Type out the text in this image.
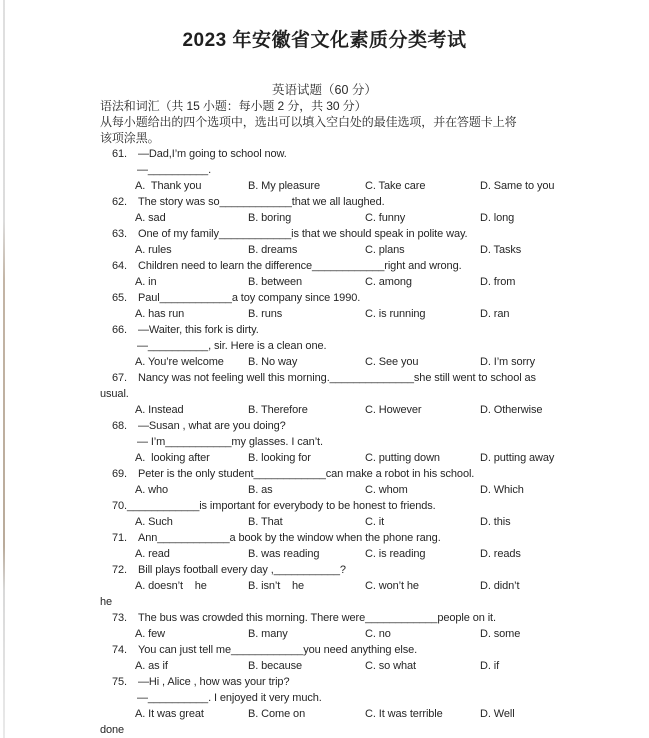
2023 年安徽省文化素质分类考试
英语试题（60 分）
语法和词汇（共 15 小题：每小题 2 分，共 30 分）
从每小题给出的四个选项中，选出可以填入空白处的最佳选项，并在答题卡上将
该项涂黑。
61. —Dad,I’m going to school now.
—__________.
A.  Thank you	B. My pleasure	C. Take care	D. Same to you
62. The story was so____________that we all laughed.
A. sad	B. boring	C. funny	D. long
63. One of my family____________is that we should speak in polite way.
A. rules	B. dreams	C. plans	D. Tasks
64. Children need to learn the difference____________right and wrong.
A. in	B. between	C. among	D. from
65. Paul____________a toy company since 1990.
A. has run	B. runs	C. is running	D. ran
66. —Waiter, this fork is dirty.
—__________, sir. Here is a clean one.
A. You’re welcome	B. No way	C. See you	D. I’m sorry
67. Nancy was not feeling well this morning.______________she still went to school as
usual.
A. Instead	B. Therefore	C. However	D. Otherwise
68. —Susan , what are you doing?
— I’m___________my glasses. I can’t.
A.  looking after	B. looking for	C. putting down	D. putting away
69. Peter is the only student____________can make a robot in his school.
A. who	B. as	C. whom	D. Which
70.____________is important for everybody to be honest to friends.
A. Such	B. That	C. it	D. this
71. Ann____________a book by the window when the phone rang.
A. read	B. was reading	C. is reading	D. reads
72. Bill plays football every day ,___________?
A. doesn’t    he	B. isn’t    he	C. won’t he	D. didn’t
he
73. The bus was crowded this morning. There were____________people on it.
A. few	B. many	C. no	D. some
74. You can just tell me____________you need anything else.
A. as if	B. because	C. so what	D. if
75. —Hi , Alice , how was your trip?
—__________. I enjoyed it very much.
A. It was great	B. Come on	C. It was terrible	D. Well
done
